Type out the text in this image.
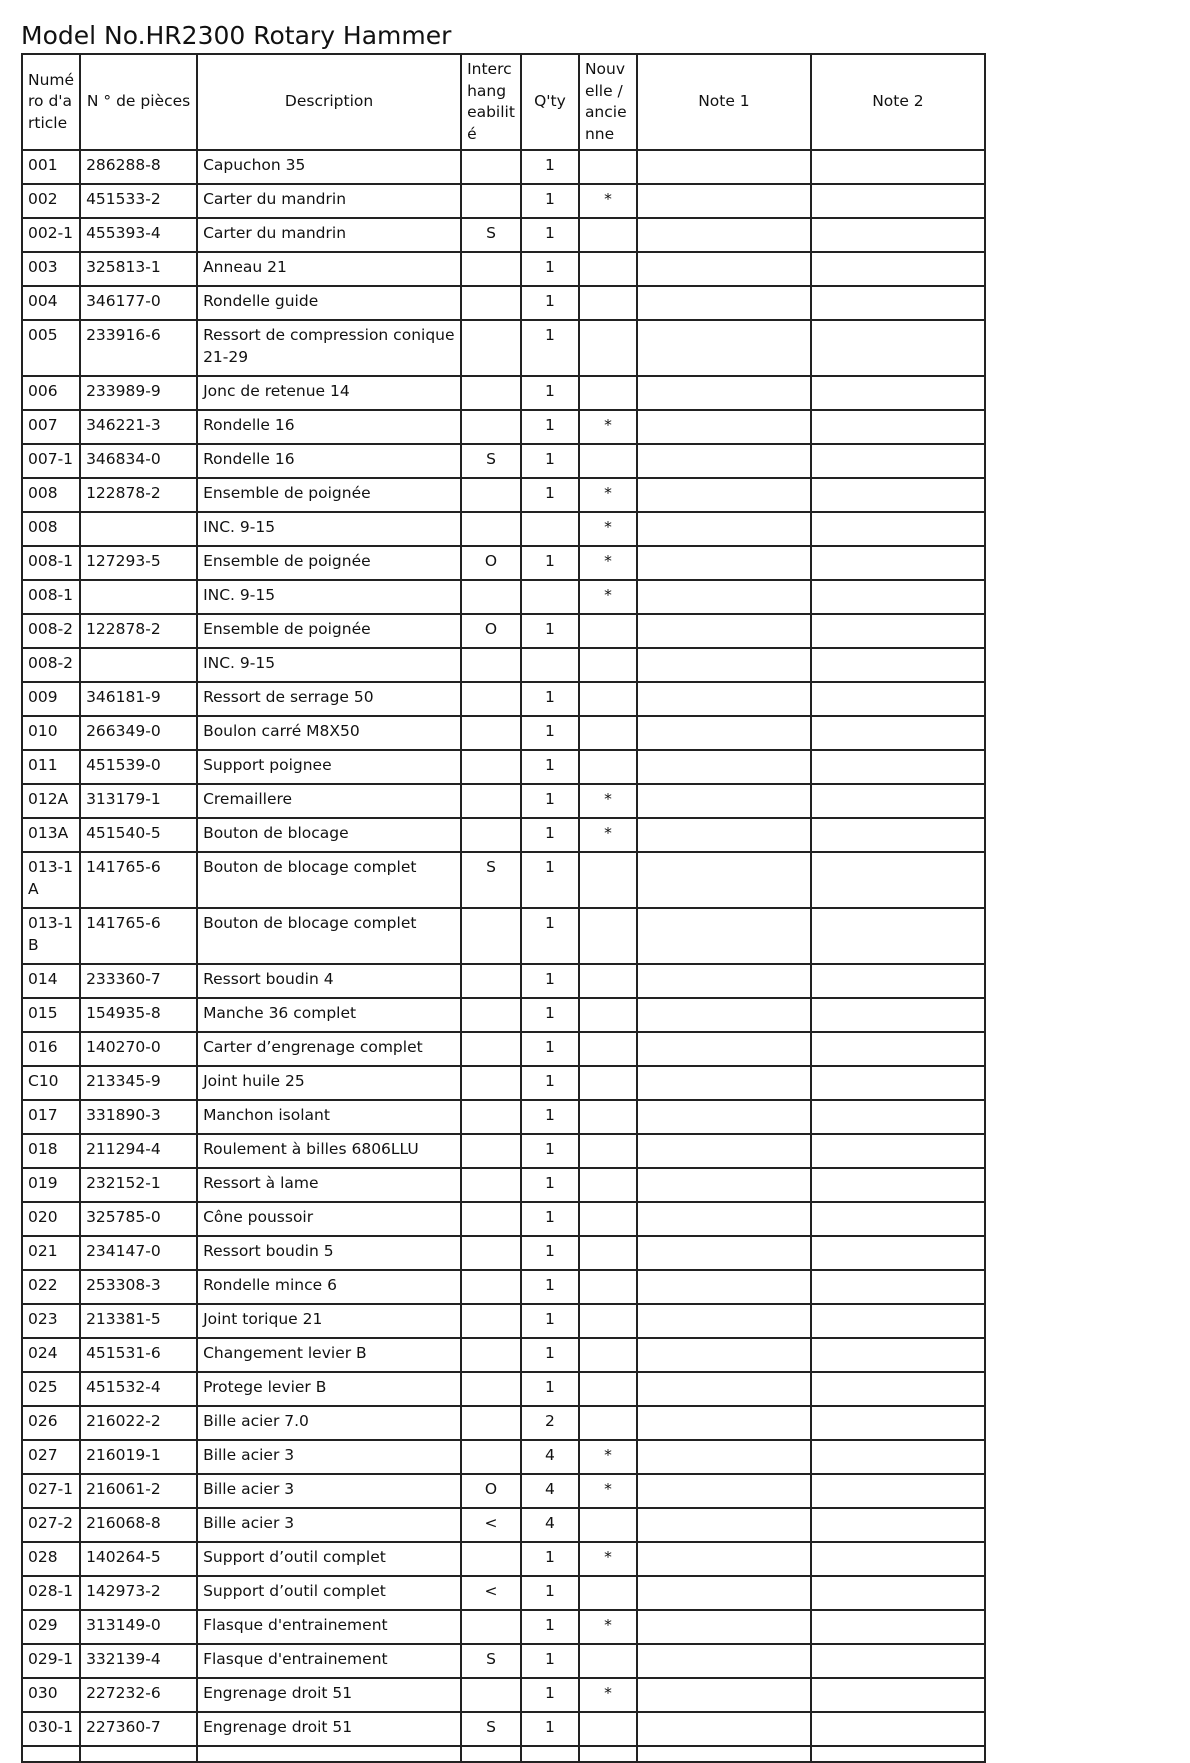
Model No.HR2300 Rotary Hammer
Numé ro d'a rticle	N ° de pièces	Description	Interc hang eabilit é	Q'ty	Nouv elle / ancie nne	Note 1	Note 2
001	286288-8	Capuchon 35		1			
002	451533-2	Carter du mandrin		1	*		
002-1	455393-4	Carter du mandrin	S	1			
003	325813-1	Anneau 21		1			
004	346177-0	Rondelle guide		1			
005	233916-6	Ressort de compression conique 21-29		1			
006	233989-9	Jonc de retenue 14		1			
007	346221-3	Rondelle 16		1	*		
007-1	346834-0	Rondelle 16	S	1			
008	122878-2	Ensemble de poignée		1	*		
008		INC. 9-15			*		
008-1	127293-5	Ensemble de poignée	O	1	*		
008-1		INC. 9-15			*		
008-2	122878-2	Ensemble de poignée	O	1			
008-2		INC. 9-15					
009	346181-9	Ressort de serrage 50		1			
010	266349-0	Boulon carré M8X50		1			
011	451539-0	Support poignee		1			
012A	313179-1	Cremaillere		1	*		
013A	451540-5	Bouton de blocage		1	*		
013-1 A	141765-6	Bouton de blocage complet	S	1			
013-1 B	141765-6	Bouton de blocage complet		1			
014	233360-7	Ressort boudin 4		1			
015	154935-8	Manche 36 complet		1			
016	140270-0	Carter d’engrenage complet		1			
C10	213345-9	Joint huile 25		1			
017	331890-3	Manchon isolant		1			
018	211294-4	Roulement à billes 6806LLU		1			
019	232152-1	Ressort à lame		1			
020	325785-0	Cône poussoir		1			
021	234147-0	Ressort boudin 5		1			
022	253308-3	Rondelle mince 6		1			
023	213381-5	Joint torique 21		1			
024	451531-6	Changement levier B		1			
025	451532-4	Protege levier B		1			
026	216022-2	Bille acier 7.0		2			
027	216019-1	Bille acier 3		4	*		
027-1	216061-2	Bille acier 3	O	4	*		
027-2	216068-8	Bille acier 3	<	4			
028	140264-5	Support d’outil complet		1	*		
028-1	142973-2	Support d’outil complet	<	1			
029	313149-0	Flasque d'entrainement		1	*		
029-1	332139-4	Flasque d'entrainement	S	1			
030	227232-6	Engrenage droit 51		1	*		
030-1	227360-7	Engrenage droit 51	S	1			
